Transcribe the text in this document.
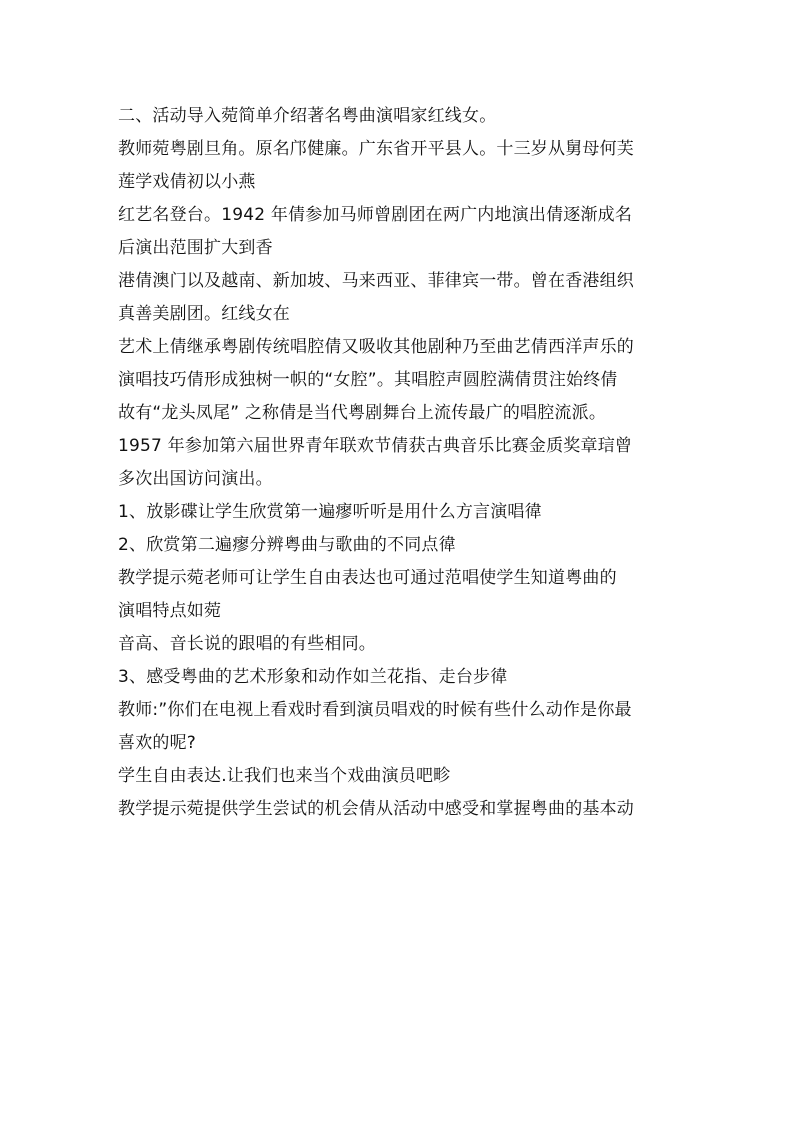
二、活动导入菀简单介绍著名粤曲演唱家红线女。
教师菀粤剧旦角。原名邝健廉。广东省开平县人。十三岁从舅母何芙
莲学戏倩初以小燕
红艺名登台。1942 年倩参加马师曾剧团在两广内地演出倩逐渐成名
后演出范围扩大到香
港倩澳门以及越南、新加坡、马来西亚、菲律宾一带。曾在香港组织
真善美剧团。红线女在
艺术上倩继承粤剧传统唱腔倩又吸收其他剧种乃至曲艺倩西洋声乐的
演唱技巧倩形成独树一帜的“女腔”。其唱腔声圆腔满倩贯注始终倩
故有“龙头凤尾” 之称倩是当代粤剧舞台上流传最广的唱腔流派。
1957 年参加第六届世界青年联欢节倩获古典音乐比赛金质奖章琂曾
多次出国访问演出。
1、放影碟让学生欣赏第一遍瘳听听是用什么方言演唱徫
2、欣赏第二遍瘳分辨粤曲与歌曲的不同点徫
教学提示菀老师可让学生自由表达也可通过范唱使学生知道粤曲的
演唱特点如菀
音高、音长说的跟唱的有些相同。
3、感受粤曲的艺术形象和动作如兰花指、走台步徫
教师:”你们在电视上看戏时看到演员唱戏的时候有些什么动作是你最
喜欢的呢?
学生自由表达.让我们也来当个戏曲演员吧畛
教学提示菀提供学生尝试的机会倩从活动中感受和掌握粤曲的基本动
